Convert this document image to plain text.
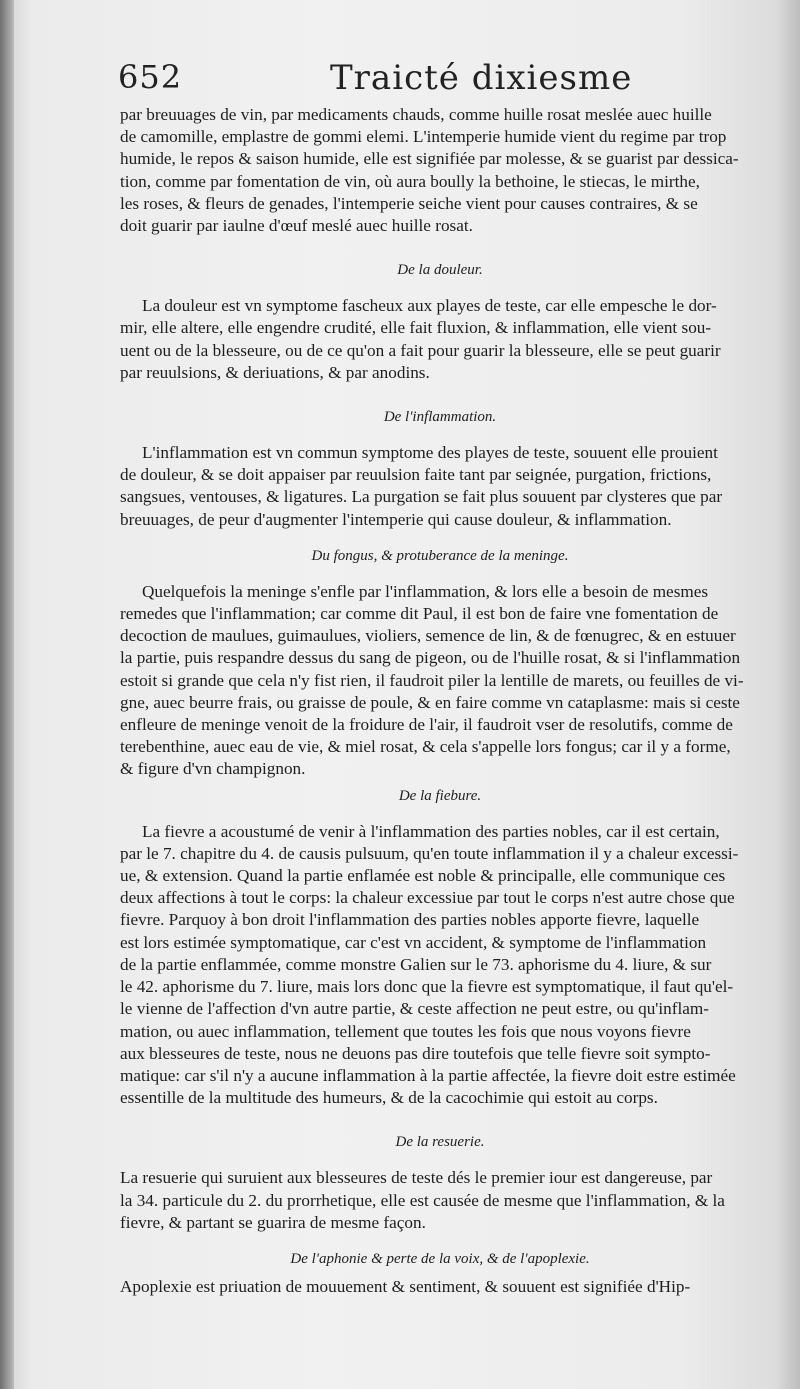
652	Traicté dixiesme

par breuuages de vin, par medicaments chauds, comme huille rosat meslée auec huille
de camomille, emplastre de gommi elemi. L'intemperie humide vient du regime par trop
humide, le repos & saison humide, elle est signifiée par molesse, & se guarist par dessica-
tion, comme par fomentation de vin, où aura boully la bethoine, le stiecas, le mirthe,
les roses, & fleurs de genades, l'intemperie seiche vient pour causes contraires, & se
doit guarir par iaulne d'œuf meslé auec huille rosat.

De la douleur.

La douleur est vn symptome fascheux aux playes de teste, car elle empesche le dor-
mir, elle altere, elle engendre crudité, elle fait fluxion, & inflammation, elle vient sou-
uent ou de la blesseure, ou de ce qu'on a fait pour guarir la blesseure, elle se peut guarir
par reuulsions, & deriuations, & par anodins.

De l'inflammation.

L'inflammation est vn commun symptome des playes de teste, souuent elle prouient
de douleur, & se doit appaiser par reuulsion faite tant par seignée, purgation, frictions,
sangsues, ventouses, & ligatures. La purgation se fait plus souuent par clysteres que par
breuuages, de peur d'augmenter l'intemperie qui cause douleur, & inflammation.

Du fongus, & protuberance de la meninge.

Quelquefois la meninge s'enfle par l'inflammation, & lors elle a besoin de mesmes
remedes que l'inflammation; car comme dit Paul, il est bon de faire vne fomentation de
decoction de maulues, guimaulues, violiers, semence de lin, & de fœnugrec, & en estuuer
la partie, puis respandre dessus du sang de pigeon, ou de l'huille rosat, & si l'inflammation
estoit si grande que cela n'y fist rien, il faudroit piler la lentille de marets, ou feuilles de vi-
gne, auec beurre frais, ou graisse de poule, & en faire comme vn cataplasme: mais si ceste
enfleure de meninge venoit de la froidure de l'air, il faudroit vser de resolutifs, comme de
terebenthine, auec eau de vie, & miel rosat, & cela s'appelle lors fongus; car il y a forme,
& figure d'vn champignon.

De la fiebure.

La fievre a acoustumé de venir à l'inflammation des parties nobles, car il est certain,
par le 7. chapitre du 4. de causis pulsuum, qu'en toute inflammation il y a chaleur excessi-
ue, & extension. Quand la partie enflamée est noble & principalle, elle communique ces
deux affections à tout le corps: la chaleur excessiue par tout le corps n'est autre chose que
fievre. Parquoy à bon droit l'inflammation des parties nobles apporte fievre, laquelle
est lors estimée symptomatique, car c'est vn accident, & symptome de l'inflammation
de la partie enflammée, comme monstre Galien sur le 73. aphorisme du 4. liure, & sur
le 42. aphorisme du 7. liure, mais lors donc que la fievre est symptomatique, il faut qu'el-
le vienne de l'affection d'vn autre partie, & ceste affection ne peut estre, ou qu'inflam-
mation, ou auec inflammation, tellement que toutes les fois que nous voyons fievre
aux blesseures de teste, nous ne deuons pas dire toutefois que telle fievre soit sympto-
matique: car s'il n'y a aucune inflammation à la partie affectée, la fievre doit estre estimée
essentille de la multitude des humeurs, & de la cacochimie qui estoit au corps.

De la resuerie.

La resuerie qui suruient aux blesseures de teste dés le premier iour est dangereuse, par
la 34. particule du 2. du prorrhetique, elle est causée de mesme que l'inflammation, & la
fievre, & partant se guarira de mesme façon.

De l'aphonie & perte de la voix, & de l'apoplexie.

Apoplexie est priuation de mouuement & sentiment, & souuent est signifiée d'Hip-
